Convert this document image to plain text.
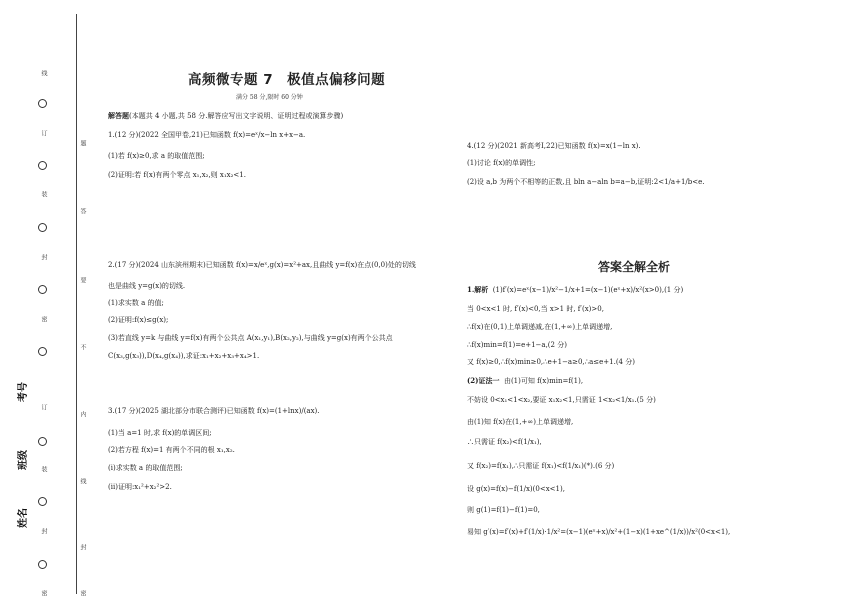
线
订
装
封
密
订
装
封
密
题
答
要
不
内
线
封
密
考号
班级
姓名
高频微专题 7　极值点偏移问题
满分 58 分,限时 60 分钟
解答题(本题共 4 小题,共 58 分.解答应写出文字说明、证明过程或演算步骤)
1.(12 分)(2022 全国甲卷,21)已知函数 f(x)=eˣ/x−ln x+x−a.
(1)若 f(x)≥0,求 a 的取值范围;
(2)证明:若 f(x)有两个零点 x₁,x₂,则 x₁x₂<1.
2.(17 分)(2024 山东滨州期末)已知函数 f(x)=x/eˣ,g(x)=x²+ax,且曲线 y=f(x)在点(0,0)处的切线
也是曲线 y=g(x)的切线.
(1)求实数 a 的值;
(2)证明:f(x)≤g(x);
(3)若直线 y=k 与曲线 y=f(x)有两个公共点 A(x₁,y₁),B(x₂,y₂),与曲线 y=g(x)有两个公共点
C(x₃,g(x₃)),D(x₄,g(x₄)),求证:x₁+x₂+x₃+x₄>1.
3.(17 分)(2025 湖北部分市联合测评)已知函数 f(x)=(1+lnx)/(ax).
(1)当 a=1 时,求 f(x)的单调区间;
(2)若方程 f(x)=1 有两个不同的根 x₁,x₂.
(i)求实数 a 的取值范围;
(ii)证明:x₁²+x₂²>2.
4.(12 分)(2021 新高考Ⅰ,22)已知函数 f(x)=x(1−ln x).
(1)讨论 f(x)的单调性;
(2)设 a,b 为两个不相等的正数,且 bln a−aln b=a−b,证明:2<1/a+1/b<e.
答案全解全析
1.解析 (1)f′(x)=eˣ(x−1)/x²−1/x+1=(x−1)(eˣ+x)/x²(x>0),(1 分)
当 0<x<1 时, f′(x)<0,当 x>1 时, f′(x)>0,
∴f(x)在(0,1)上单调递减,在(1,+∞)上单调递增,
∴f(x)min=f(1)=e+1−a,(2 分)
又 f(x)≥0,∴f(x)min≥0,∴e+1−a≥0,∴a≤e+1.(4 分)
(2)证法一 由(1)可知 f(x)min=f(1),
不妨设 0<x₁<1<x₂,要证 x₁x₂<1,只需证 1<x₂<1/x₁.(5 分)
由(1)知 f(x)在(1,+∞)上单调递增,
∴只需证 f(x₂)<f(1/x₁),
又 f(x₂)=f(x₁),∴只需证 f(x₁)<f(1/x₁)(*).(6 分)
设 g(x)=f(x)−f(1/x)(0<x<1),
则 g(1)=f(1)−f(1)=0,
易知 g′(x)=f′(x)+f′(1/x)·1/x²=(x−1)(eˣ+x)/x²+(1−x)(1+xe^(1/x))/x²(0<x<1),
